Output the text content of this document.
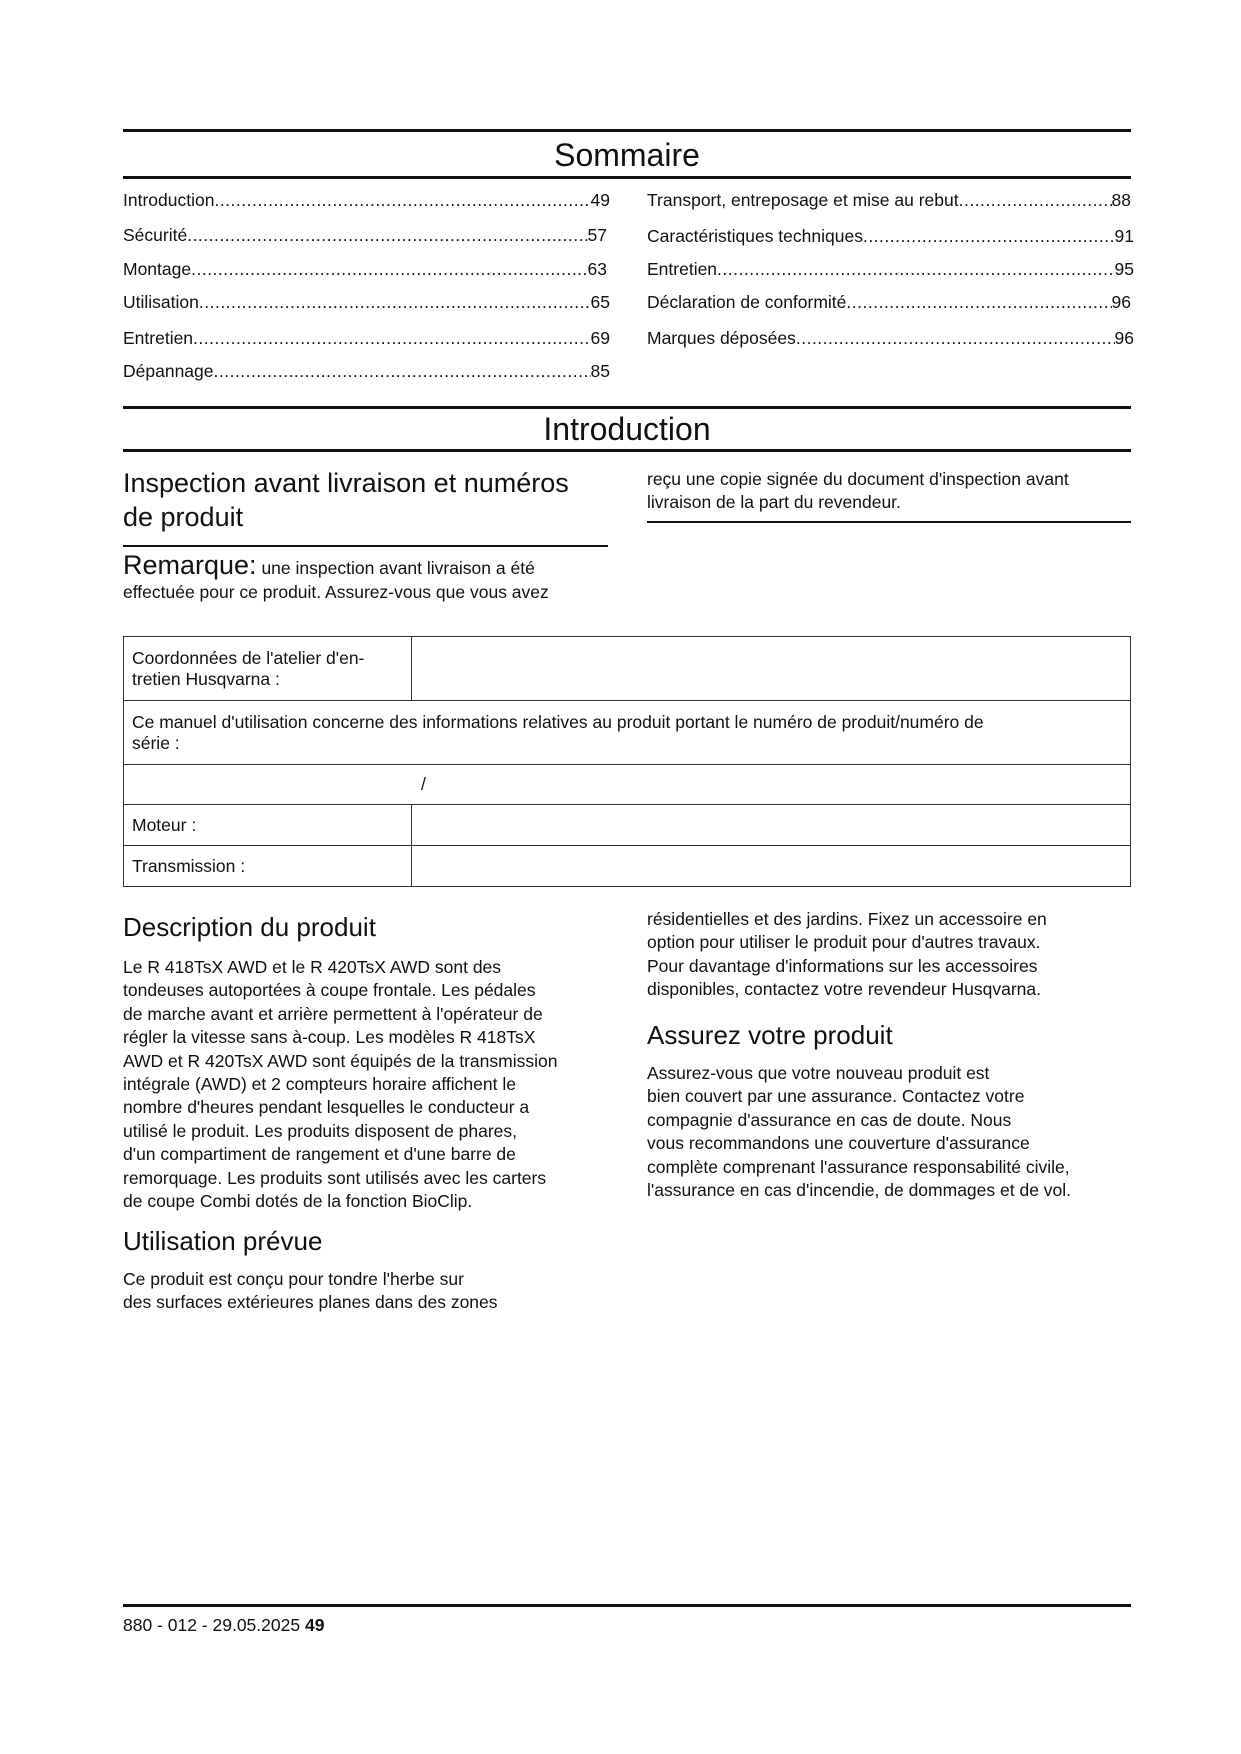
Sommaire
Introduction .....	49
Sécurité .....	57
Montage .....	63
Utilisation .....	65
Entretien .....	69
Dépannage .....	85
Transport, entreposage et mise au rebut .....	88
Caractéristiques techniques .....	91
Entretien .....	95
Déclaration de conformité .....	96
Marques déposées .....	96
Introduction
Inspection avant livraison et numéros
de produit
Remarque: une inspection avant livraison a été
effectuée pour ce produit. Assurez-vous que vous avez
reçu une copie signée du document d'inspection avant
livraison de la part du revendeur.
Coordonnées de l'atelier d'en-
tretien Husqvarna :	

Ce manuel d'utilisation concerne des informations relatives au produit portant le numéro de produit/numéro de
série :	

/	
Moteur :	
Transmission :	
Description du produit
Le R 418TsX AWD et le R 420TsX AWD sont des
tondeuses autoportées à coupe frontale. Les pédales
de marche avant et arrière permettent à l'opérateur de
régler la vitesse sans à-coup. Les modèles R 418TsX
AWD et R 420TsX AWD sont équipés de la transmission
intégrale (AWD) et 2 compteurs horaire affichent le
nombre d'heures pendant lesquelles le conducteur a
utilisé le produit. Les produits disposent de phares,
d'un compartiment de rangement et d'une barre de
remorquage. Les produits sont utilisés avec les carters
de coupe Combi dotés de la fonction BioClip.
Utilisation prévue
Ce produit est conçu pour tondre l'herbe sur
des surfaces extérieures planes dans des zones
résidentielles et des jardins. Fixez un accessoire en
option pour utiliser le produit pour d'autres travaux.
Pour davantage d'informations sur les accessoires
disponibles, contactez votre revendeur Husqvarna.
Assurez votre produit
Assurez-vous que votre nouveau produit est
bien couvert par une assurance. Contactez votre
compagnie d'assurance en cas de doute. Nous
vous recommandons une couverture d'assurance
complète comprenant l'assurance responsabilité civile,
l'assurance en cas d'incendie, de dommages et de vol.
880 - 012 - 29.05.2025 49
